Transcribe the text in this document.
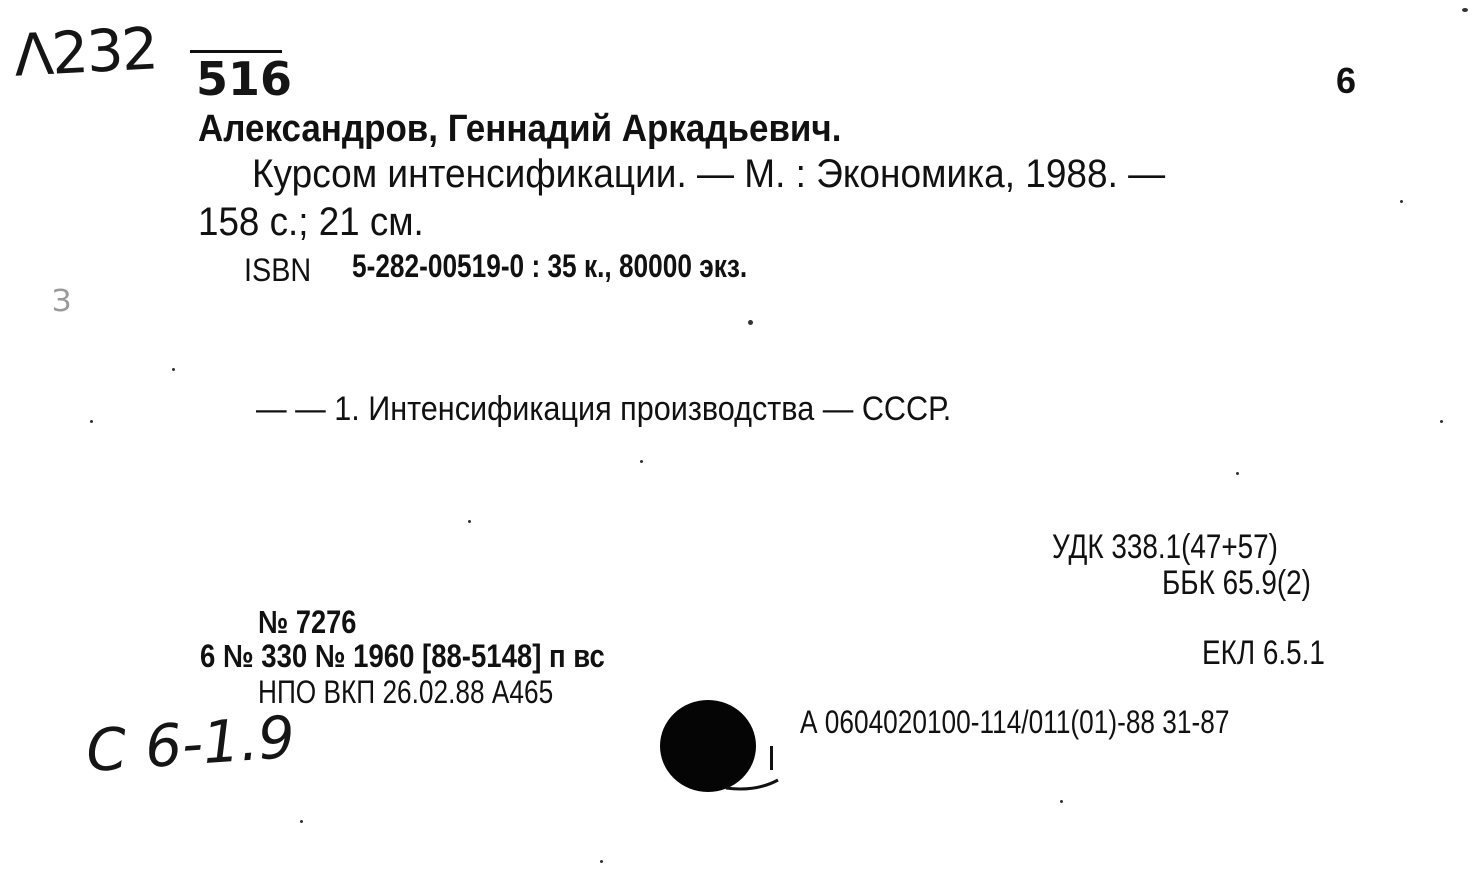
Λ232 516	6
Александров, Геннадий Аркадьевич.
Курсом интенсификации. — М. : Экономика, 1988. —
158 с.; 21 см.
ISBN 5-282-00519-0 : 35 к., 80000 экз.
— — 1. Интенсификация производства — СССР.
УДК 338.1(47+57)
ББК 65.9(2)
ЕКЛ 6.5.1
№ 7276
6 № 330 № 1960 [88-5148] п вс
НПО ВКП 26.02.88 А465
А 0604020100-114/011(01)-88 31-87
C 6-1.9
З
